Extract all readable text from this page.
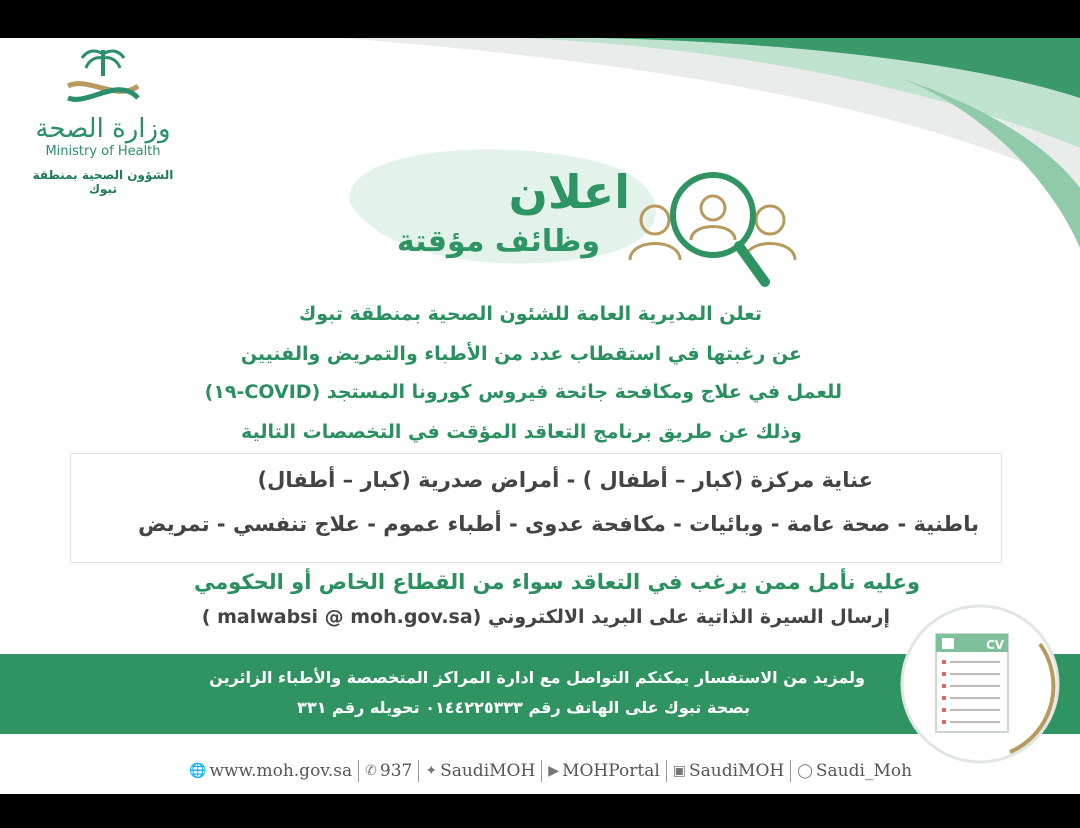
وزارة الصحة
Ministry of Health
الشؤون الصحية بمنطقة تبوك	اعلان
وظائف مؤقتة
تعلن المديرية العامة للشئون الصحية بمنطقة تبوك
عن رغبتها في استقطاب عدد من الأطباء والتمريض والفنيين
للعمل في علاج ومكافحة جائحة فيروس كورونا المستجد (COVID-١٩)
وذلك عن طريق برنامج التعاقد المؤقت في التخصصات التالية
عناية مركزة (كبار – أطفال ) - أمراض صدرية (كبار – أطفال)
باطنية - صحة عامة - وبائيات - مكافحة عدوى - أطباء عموم - علاج تنفسي - تمريض
وعليه نأمل ممن يرغب في التعاقد سواء من القطاع الخاص أو الحكومي
إرسال السيرة الذاتية على البريد الالكتروني (malwabsi @ moh.gov.sa )
ولمزيد من الاستفسار يمكنكم التواصل مع ادارة المراكز المتخصصة والأطباء الزائرين
بصحة تبوك على الهاتف رقم ٠١٤٤٢٢٥٣٣٣ تحويله رقم ٣٣١
CV
🌐 www.moh.gov.sa ✆ 937 ✦ SaudiMOH ▶ MOHPortal ▣ SaudiMOH ◯ Saudi_Moh
